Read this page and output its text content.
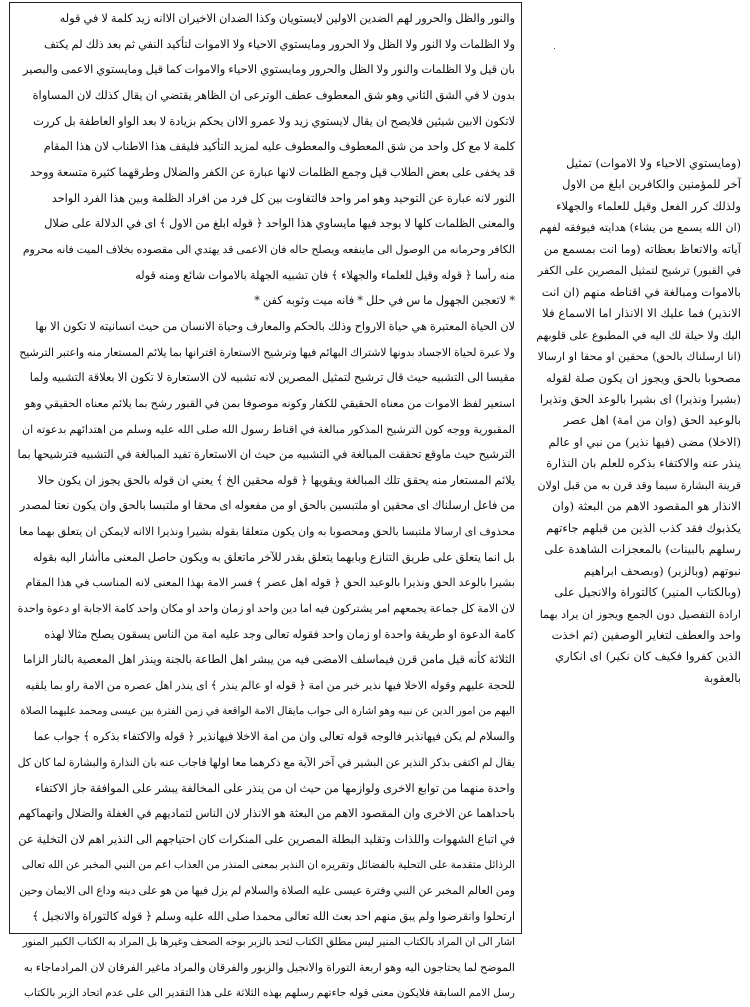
.
والنور والظل والحرور لهم الضدين الاولين لايستويان وكذا الضدان الاخيران الاانه زيد كلمة لا في قوله
ولا الظلمات ولا النور ولا الظل ولا الحرور ومايستوي الاحياء ولا الاموات لتأكيد النفي ثم بعد ذلك لم يكتف
بان قيل ولا الظلمات والنور ولا الظل والحرور ومايستوي الاحياء والاموات كما قيل ومايستوي الاعمى والبصير
بدون لا في الشق الثاني وهو شق المعطوف عطف الوترعى ان الظاهر يقتضي ان يقال كذلك لان المساواة
لاتكون الابين شيئين فلايصح ان يقال لايستوي زيد ولا عمرو الاان يحكم بزيادة لا بعد الواو العاطفة بل كررت
كلمة لا مع كل واحد من شق المعطوف والمعطوف عليه لمزيد التأكيد فليقف هذا الاطناب لان هذا المقام
قد يخفى على بعض الطلاب قيل وجمع الظلمات لانها عبارة عن الكفر والضلال وطرقهما كثيرة متسعة ووحد
النور لانه عبارة عن التوحيد وهو امر واحد فالتفاوت بين كل فرد من افراد الظلمة وبين هذا الفرد الواحد
والمعنى الظلمات كلها لا يوجد فيها مايساوي هذا الواحد ﴿ قوله ابلغ من الاول ﴾ اى في الدلالة على ضلال
الكافر وحرمانه من الوصول الى ماينفعه ويصلح حاله فان الاعمى قد يهتدي الى مقصوده بخلاف الميت فانه محروم
منه رأسا ﴿ قوله وقيل للعلماء والجهلاء ﴾ فان تشبيه الجهلة بالاموات شائع ومنه قوله
* لاتعجبن الجهول ما س في حلل * فانه ميت وثوبه كفن *
لان الحياة المعتبرة هي حياة الارواح وذلك بالحكم والمعارف وحياة الانسان من حيث انسانيته لا تكون الا بها
ولا عبرة لحياة الاجساد بدونها لاشتراك البهائم فيها وترشيح الاستعارة اقترانها بما يلائم المستعار منه واعتبر الترشيح
مقيسا الى التشبيه حيث قال ترشيح لتمثيل المصرين لانه تشبيه لان الاستعارة لا تكون الا بعلاقة التشبيه ولما
استعير لفظ الاموات من معناه الحقيقي للكفار وكونه موصوفا بمن في القبور رشح بما يلائم معناه الحقيقي وهو
المقبورية ووجه كون الترشيح المذكور مبالغة في اقناط رسول الله صلى الله عليه وسلم من اهتدائهم بدعوته ان
الترشيح حيث ماوقع تحققت المبالغة في التشبيه من حيث ان الاستعارة تفيد المبالغة في التشبيه فترشيحها بما
يلائم المستعار منه يحقق تلك المبالغة ويقويها ﴿ قوله محقين الخ ﴾ يعني ان قوله بالحق يجوز ان يكون حالا
من فاعل ارسلناك اى محقين او ملتبسين بالحق او من مفعوله اى محقا او ملتبسا بالحق وان يكون نعتا لمصدر
محذوف اى ارسالا ملتبسا بالحق ومحصوبا به وان يكون متعلقا بقوله بشيرا ونذيرا الاانه لايمكن ان يتعلق بهما معا
بل انما يتعلق على طريق التنازع وبابهما يتعلق بقدر للآخر ماتعلق به ويكون حاصل المعنى ماأشار اليه بقوله
بشيرا بالوعد الحق ونذيرا بالوعيد الحق ﴿ قوله اهل عصر ﴾ فسر الامة بهذا المعنى لانه المناسب في هذا المقام
لان الامة كل جماعة يجمعهم امر يشتركون فيه اما دين واحد او زمان واحد او مكان واحد كامة الاجابة او دعوة واحدة
كامة الدعوة او طريقة واحدة او زمان واحد فقوله تعالى وجد عليه امة من الناس يسقون يصلح مثالا لهذه
الثلاثة كأنه قيل مامن قرن فيماسلف الامضى فيه من يبشر اهل الطاعة بالجنة وينذر اهل المعصية بالنار الزاما
للحجة عليهم وقوله الاخلا فيها نذير خبر من امة ﴿ قوله او عالم ينذر ﴾ اى ينذر اهل عصره من الامة راو بما يلقيه
اليهم من امور الدين عن نبيه وهو اشارة الى جواب مايقال الامة الواقعة في زمن الفترة بين عيسى ومحمد عليهما الصلاة
والسلام لم يكن فيهانذير فالوجه قوله تعالى وان من امة الاخلا فيهانذير ﴿ قوله والاكتفاء بذكره ﴾ جواب عما
يقال لم اكتفى بذكر النذير عن البشير في آخر الآية مع ذكرهما معا اولها فاجاب عنه بان النذارة والبشارة لما كان كل
واحدة منهما من توابع الاخرى ولوازمها من حيث ان من ينذر على المخالفة يبشر على الموافقة جاز الاكتفاء
باحداهما عن الاخرى وان المقصود الاهم من البعثة هو الانذار لان الناس لتماديهم في الغفلة والضلال وانهماكهم
في اتباع الشهوات واللذات وتقليد البطلة المصرين على المنكرات كان احتياجهم الى النذير اهم لان التخلية عن
الرذائل متقدمة على التحلية بالفضائل وتقريره ان النذير بمعنى المنذر من العذاب اعم من النبي المخبر عن الله تعالى
ومن العالم المخبر عن النبي وفترة عيسى عليه الصلاة والسلام لم يزل فيها من هو على دينه وداع الى الايمان وحين
ارتحلوا وانقرضوا ولم يبق منهم احد بعث الله تعالى محمدا صلى الله عليه وسلم ﴿ قوله كالتوراة والانجيل ﴾
اشار الى ان المراد بالكتاب المنير ليس مطلق الكتاب لتحد بالزبر بوجه الصحف وغيرها بل المراد به الكتاب الكبير المنور
الموضح لما يحتاجون اليه وهو اربعة التوراة والانجيل والزبور والفرقان والمراد ماغير الفرقان لان المرادماجاء به
رسل الامم السابقة فلايكون معنى قوله جاءتهم رسلهم بهذه الثلاثة على هذا التقدير الى على عدم اتحاد الزبر بالكتاب
(ومايستوي الاحياء ولا الاموات) تمثيل
آخر للمؤمنين والكافرين ابلغ من الاول
ولذلك كرر الفعل وقيل للعلماء والجهلاء
(ان الله يسمع من يشاء) هدايته فيوفقه لفهم
آياته والاتعاظ بعظاته (وما انت بمسمع من
في القبور) ترشيح لتمثيل المصرين على الكفر
بالاموات ومبالغة في اقناطه منهم (ان انت
الانذير) فما عليك الا الانذار اما الاسماع فلا
اليك ولا حيلة لك اليه في المطبوع على قلوبهم
(انا ارسلناك بالحق) محقين او محقا او ارسالا
مصحوبا بالحق ويجوز ان يكون صلة لقوله
(بشيرا ونذيرا) اى بشيرا بالوعد الحق ونذيرا
بالوعيد الحق (وان من امة) اهل عصر
(الاخلا) مضى (فيها نذير) من نبي او عالم
ينذر عنه والاكتفاء بذكره للعلم بان النذارة
قرينة البشارة سيما وقد قرن به من قبل اولان
الانذار هو المقصود الاهم من البعثة (وان
يكذبوك فقد كذب الذين من قبلهم جاءتهم
رسلهم بالبينات) بالمعجزات الشاهدة على
نبوتهم (وبالزبر) (وبصحف ابراهيم
(وبالكتاب المنير) كالتوراة والانجيل على
ارادة التفصيل دون الجمع ويجوز ان يراد بهما
واحد والعطف لتغاير الوصفين (ثم اخذت
الذين كفروا فكيف كان نكير) اى انكاري
بالعقوبة
